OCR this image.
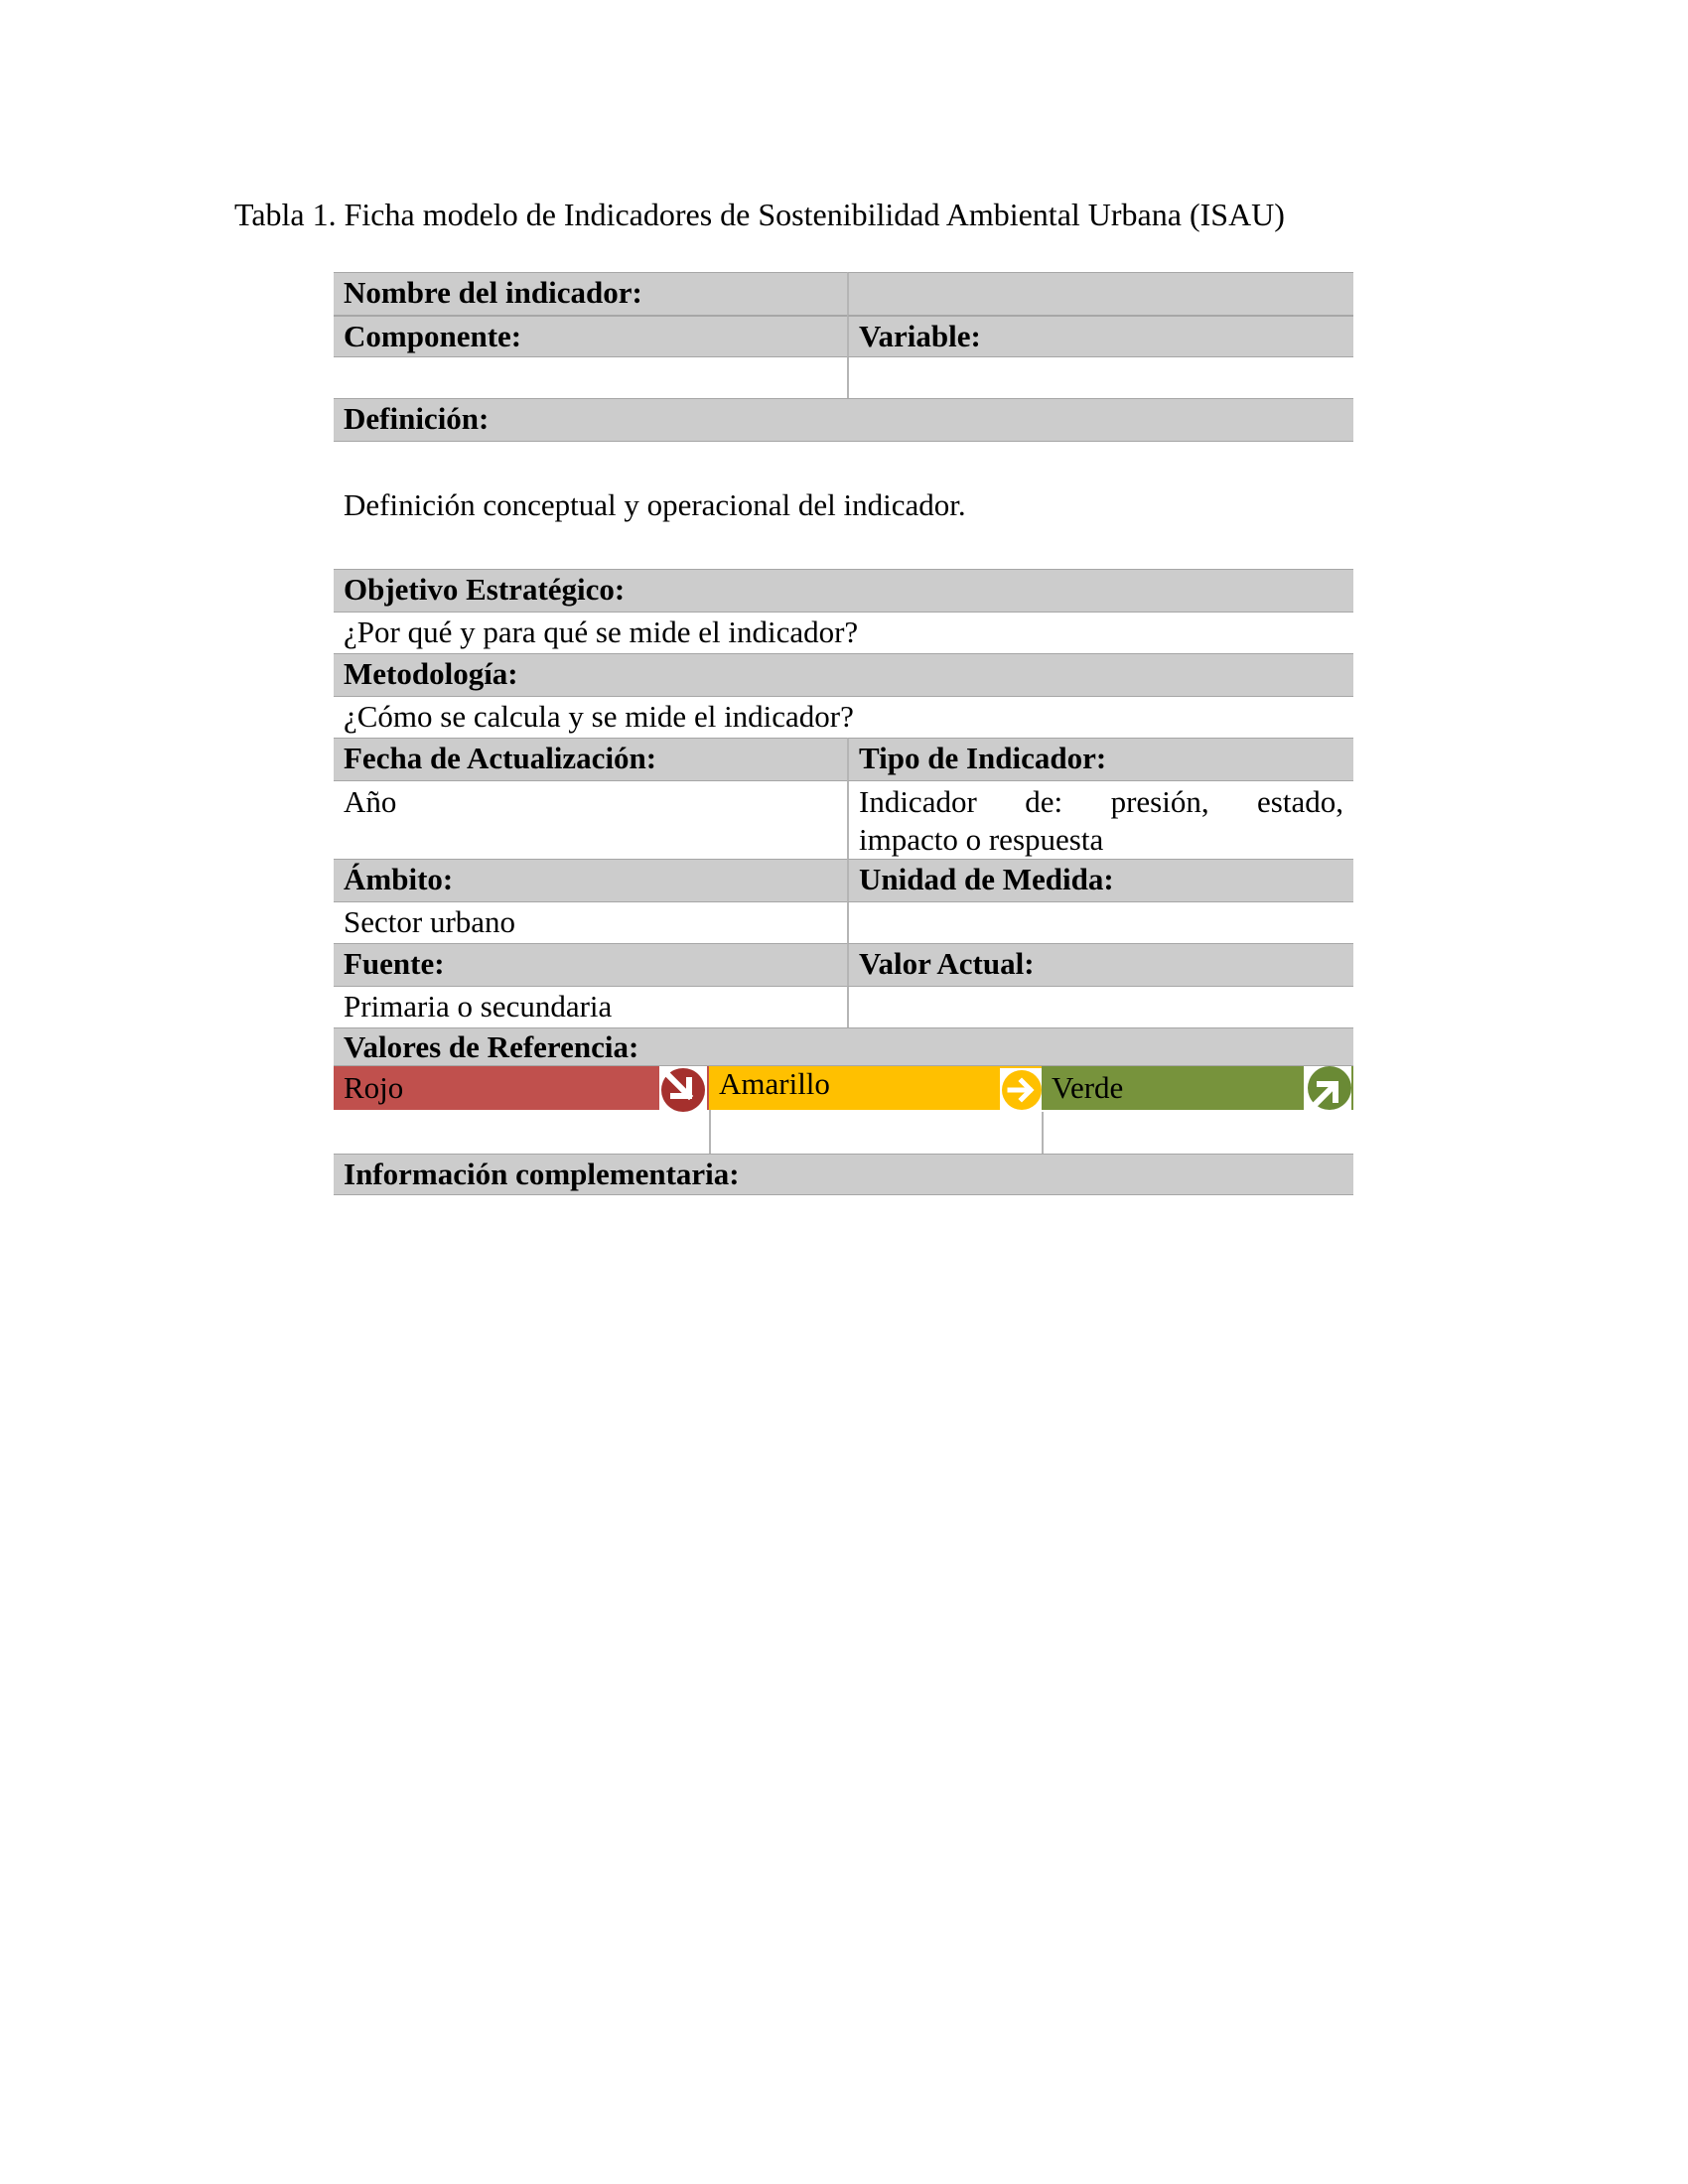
Tabla 1. Ficha modelo de Indicadores de Sostenibilidad Ambiental Urbana (ISAU)
Nombre del indicador:
Componente:	Variable:
Definición:
Definición conceptual y operacional del indicador.
Objetivo Estratégico:
¿Por qué y para qué se mide el indicador?
Metodología:
¿Cómo se calcula y se mide el indicador?
Fecha de Actualización:	Tipo de Indicador:
Año	Indicador de: presión, estado,
impacto o respuesta
Ámbito:	Unidad de Medida:
Sector urbano
Fuente:	Valor Actual:
Primaria o secundaria
Valores de Referencia:
Rojo	Amarillo	Verde
Información complementaria:
